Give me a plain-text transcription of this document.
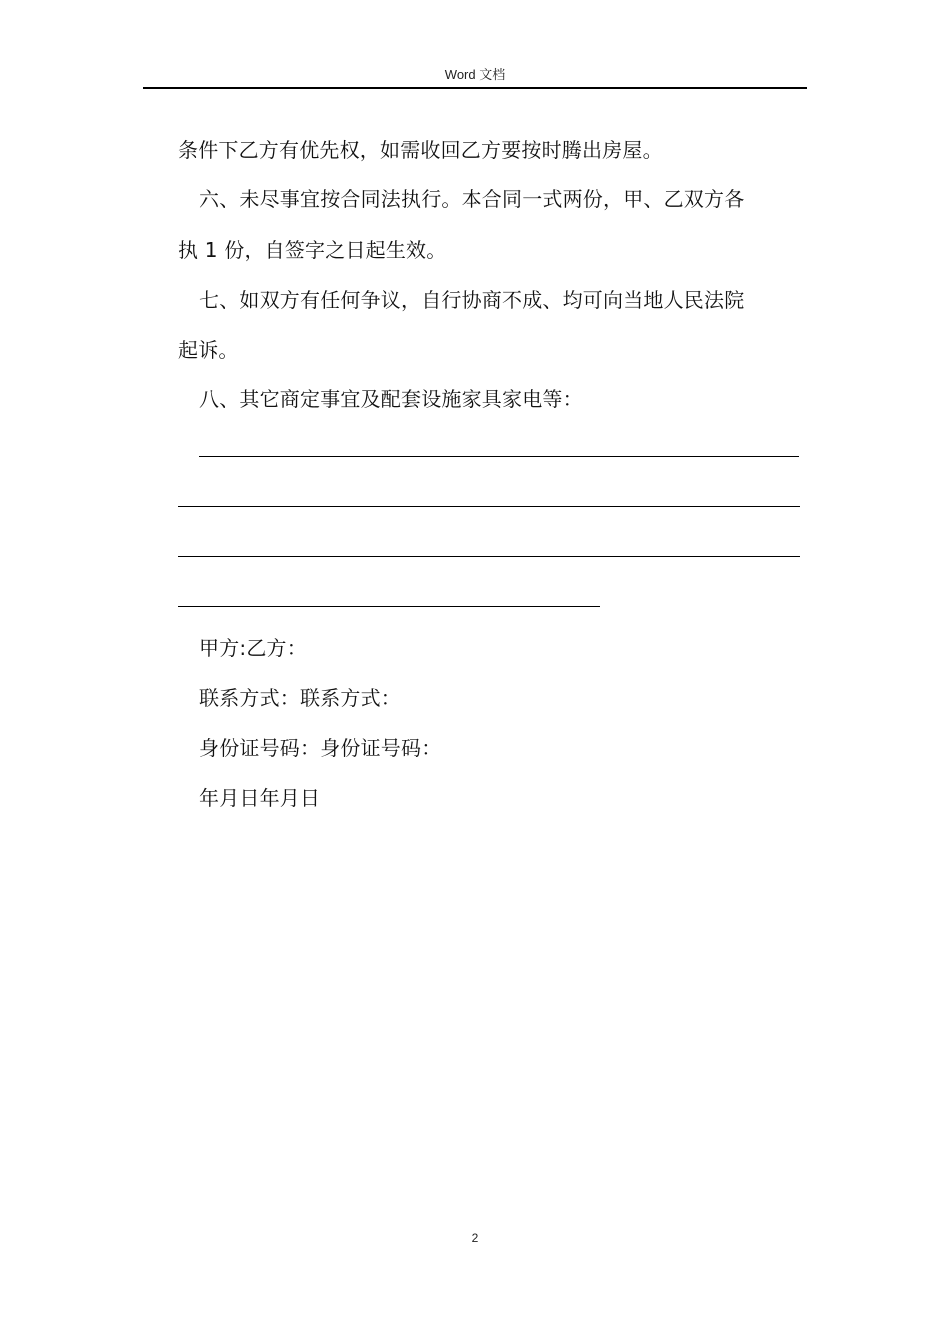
Word 文档
条件下乙方有优先权，如需收回乙方要按时腾出房屋。
六、未尽事宜按合同法执行。本合同一式两份，甲、乙双方各
执 1 份，自签字之日起生效。
七、如双方有任何争议，自行协商不成、均可向当地人民法院
起诉。
八、其它商定事宜及配套设施家具家电等：
甲方:乙方：
联系方式：联系方式：
身份证号码：身份证号码：
年月日年月日
2
